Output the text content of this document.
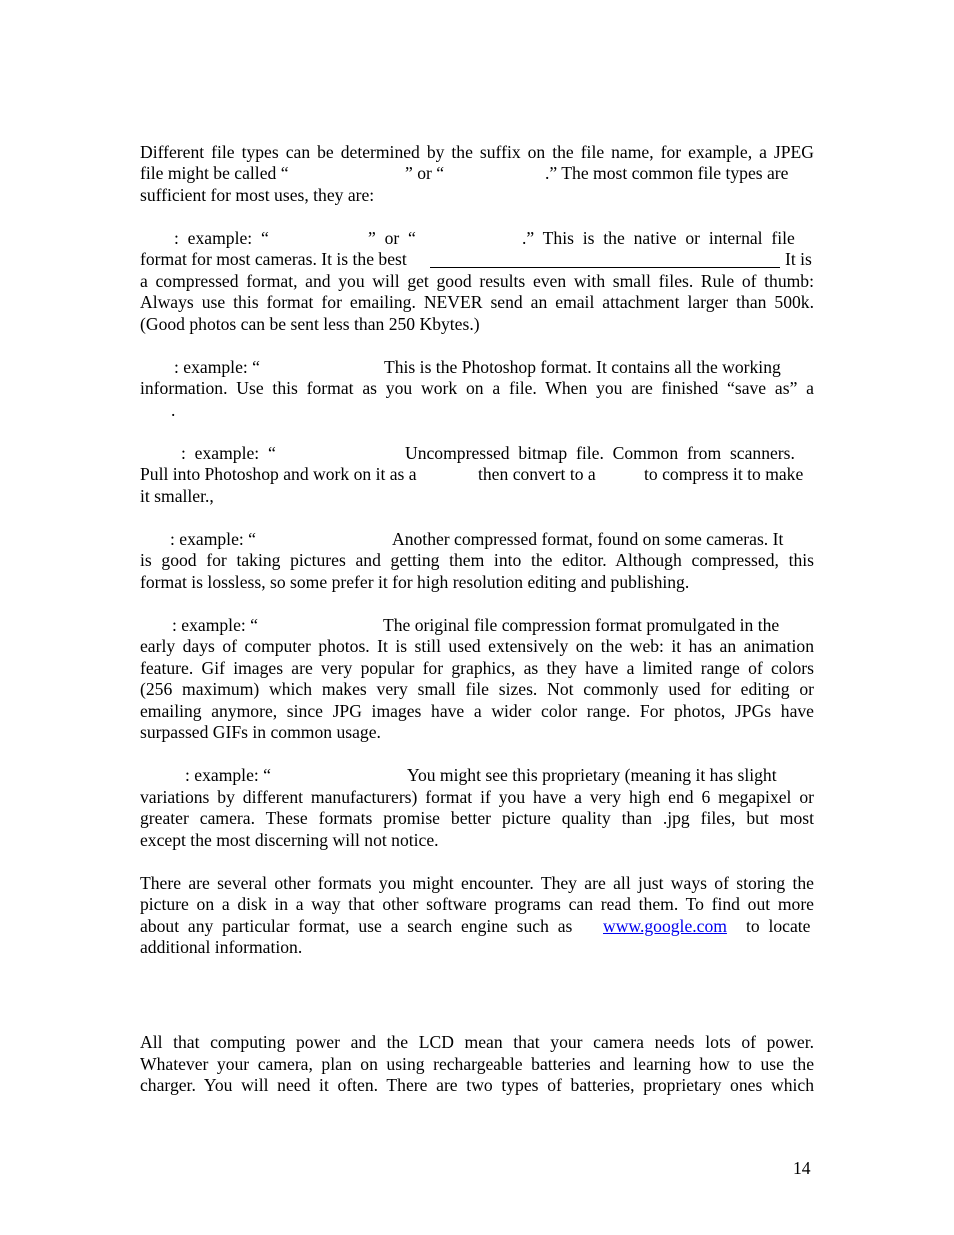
Different file types can be determined by the suffix on the file name, for example, a JPEG
file might be called “	” or “	.” The most common file types are
sufficient for most uses, they are:
:  example:  “	”  or  “	.”  This  is  the  native  or  internal  file
format for most cameras. It is the best	It is
a compressed format, and you will get good results even with small files. Rule of thumb:
Always use this format for emailing. NEVER send an email attachment larger than 500k.
(Good photos can be sent less than 250 Kbytes.)
: example: “	This is the Photoshop format. It contains all the working
information. Use this format as you work on a file. When you are finished “save as” a
.
:  example:  “	Uncompressed  bitmap  file.  Common  from  scanners.
Pull into Photoshop and work on it as a	then convert to a	to compress it to make
it smaller.,
: example: “	Another compressed format, found on some cameras. It
is good for taking pictures and getting them into the editor. Although compressed, this
format is lossless, so some prefer it for high resolution editing and publishing.
: example: “	The original file compression format promulgated in the
early days of computer photos. It is still used extensively on the web: it has an animation
feature. Gif images are very popular for graphics, as they have a limited range of colors
(256 maximum) which makes very small file sizes. Not commonly used for editing or
emailing anymore, since JPG images have a wider color range. For photos, JPGs have
surpassed GIFs in common usage.
: example: “	You might see this proprietary (meaning it has slight
variations by different manufacturers) format if you have a very high end 6 megapixel or
greater camera. These formats promise better picture quality than .jpg files, but most
except the most discerning will not notice.
There are several other formats you might encounter. They are all just ways of storing the
picture on a disk in a way that other software programs can read them. To find out more
about  any  particular  format,  use  a  search  engine  such  as www.google.com to  locate
additional information.
All that computing power and the LCD mean that your camera needs lots of power.
Whatever your camera, plan on using rechargeable batteries and learning how to use the
charger. You will need it often. There are two types of batteries, proprietary ones which
14
